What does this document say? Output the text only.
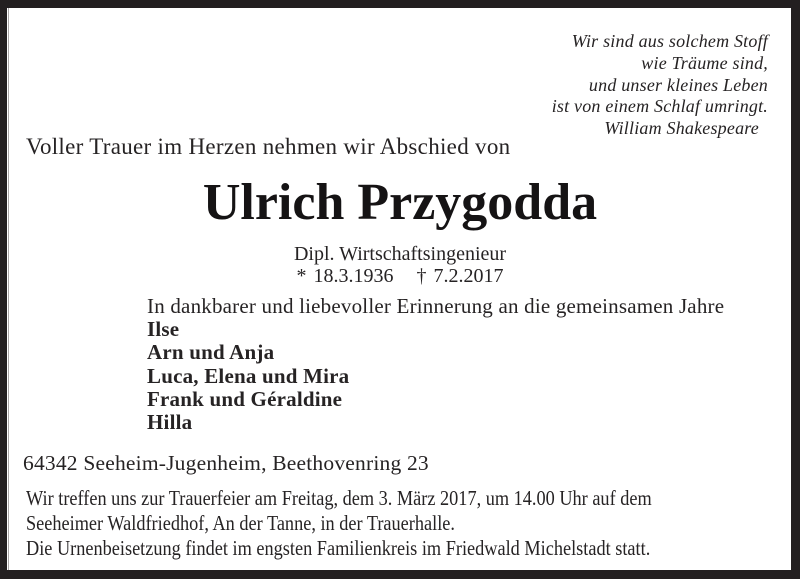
Wir sind aus solchem Stoff
wie Träume sind,
und unser kleines Leben
ist von einem Schlaf umringt.
William Shakespeare
Voller Trauer im Herzen nehmen wir Abschied von
Ulrich Przygodda
Dipl. Wirtschaftsingenieur
* 18.3.1936 † 7.2.2017
In dankbarer und liebevoller Erinnerung an die gemeinsamen Jahre
Ilse
Arn und Anja
Luca, Elena und Mira
Frank und Géraldine
Hilla
64342 Seeheim-Jugenheim, Beethovenring 23
Wir treffen uns zur Trauerfeier am Freitag, dem 3. März 2017, um 14.00 Uhr auf dem
Seeheimer Waldfriedhof, An der Tanne, in der Trauerhalle.
Die Urnenbeisetzung findet im engsten Familienkreis im Friedwald Michelstadt statt.
